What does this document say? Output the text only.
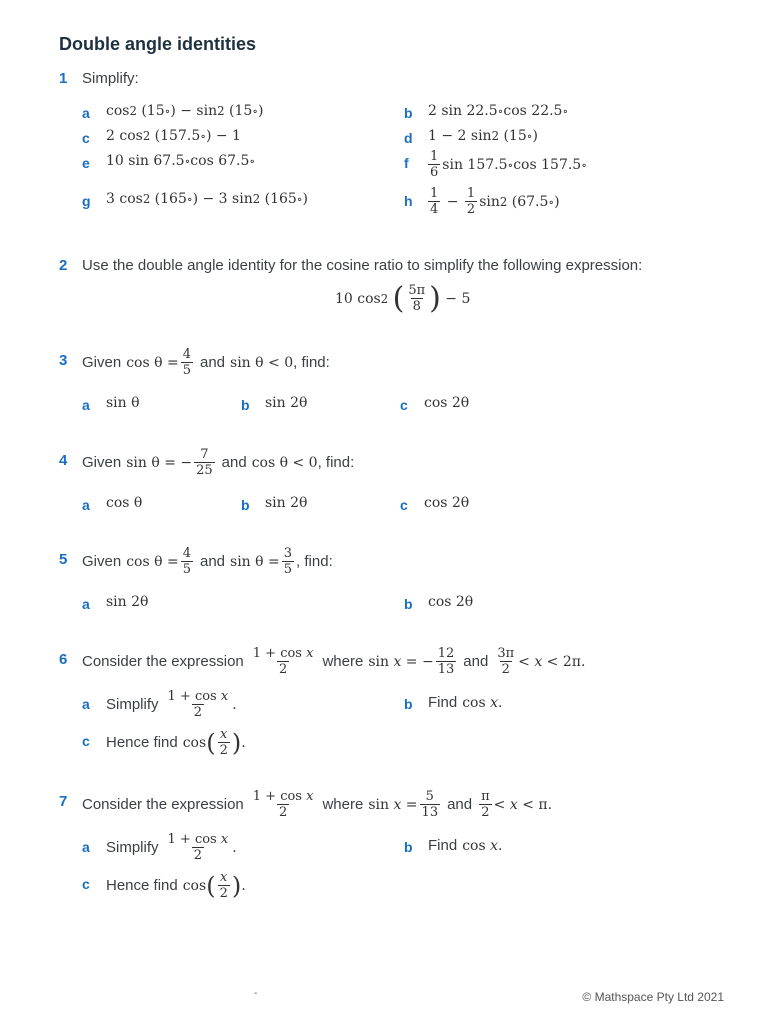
Double angle identities
1 Simplify:
a cos 2 (15 ∘ ) − sin 2 (15 ∘ )	b 2 sin 22.5 ∘ cos 22.5 ∘
c 2 cos 2 (157.5 ∘ ) − 1	d 1 − 2 sin 2 (15 ∘ )
e 10 sin 67.5 ∘ cos 67.5 ∘	f $\frac{1}{6}$ sin 157.5 ∘ cos 157.5 ∘
g 3 cos 2 (165 ∘ ) − 3 sin 2 (165 ∘ )	h $\frac{1}{4} - \frac{1}{2}$ sin 2 (67.5 ∘ )
2 Use the double angle identity for the cosine ratio to simplify the following expression:
10 cos 2
( $\frac{5\pi}{8}$ ) − 5
3 Given $\cos \theta = \frac{4}{5}$ and sin θ < 0 , find:
a sin θ	b sin 2θ	c cos 2θ
4 Given sin θ = − $\frac{7}{25}$ and cos θ < 0 , find:
a cos θ	b sin 2θ	c cos 2θ
5 Given $\cos \theta = \frac{4}{5}$ and $\sin \theta = \frac{3}{5}$ , find:
a sin 2θ	b cos 2θ
6 Consider the expression $\frac{\text{1 + cos x}}{2}$ where sin x = − $\frac{12}{13}$ and $\frac{3\pi}{2} < x < 2\pi$.
a Simplify $\frac{\text{1 + cos x}}{2}$ .	b Find cos x.
c Hence find cos ( $\frac{x}{2}$ ) .
7 Consider the expression $\frac{\text{1 + cos x}}{2}$ where $\sin x = \frac{5}{13}$ and $\frac{\pi}{2} < x < \pi$.
a Simplify $\frac{\text{1 + cos x}}{2}$ .	b Find cos x.
c Hence find cos ( $\frac{x}{2}$ ) .
-	© Mathspace Pty Ltd 2021
